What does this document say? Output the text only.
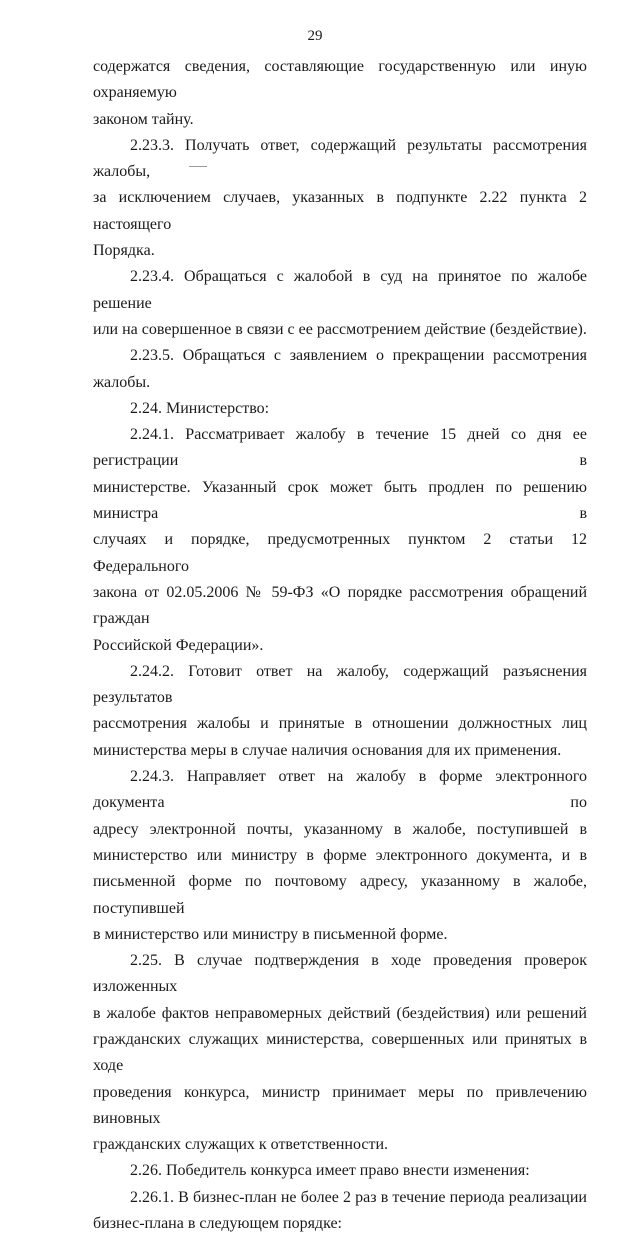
29
содержатся сведения, составляющие государственную или иную охраняемую
законом тайну.
2.23.3. Получать ответ, содержащий результаты рассмотрения жалобы,
за исключением случаев, указанных в подпункте 2.22 пункта 2 настоящего
Порядка.
2.23.4. Обращаться с жалобой в суд на принятое по жалобе решение
или на совершенное в связи с ее рассмотрением действие (бездействие).
2.23.5. Обращаться с заявлением о прекращении рассмотрения жалобы.
2.24. Министерство:
2.24.1. Рассматривает жалобу в течение 15 дней со дня ее регистрации в
министерстве. Указанный срок может быть продлен по решению министра в
случаях и порядке, предусмотренных пунктом 2 статьи 12 Федерального
закона от 02.05.2006 № 59-ФЗ «О порядке рассмотрения обращений граждан
Российской Федерации».
2.24.2. Готовит ответ на жалобу, содержащий разъяснения результатов
рассмотрения жалобы и принятые в отношении должностных лиц
министерства меры в случае наличия основания для их применения.
2.24.3. Направляет ответ на жалобу в форме электронного документа по
адресу электронной почты, указанному в жалобе, поступившей в
министерство или министру в форме электронного документа, и в
письменной форме по почтовому адресу, указанному в жалобе, поступившей
в министерство или министру в письменной форме.
2.25. В случае подтверждения в ходе проведения проверок изложенных
в жалобе фактов неправомерных действий (бездействия) или решений
гражданских служащих министерства, совершенных или принятых в ходе
проведения конкурса, министр принимает меры по привлечению виновных
гражданских служащих к ответственности.
2.26. Победитель конкурса имеет право внести изменения:
2.26.1. В бизнес-план не более 2 раз в течение периода реализации
бизнес-плана в следующем порядке:
